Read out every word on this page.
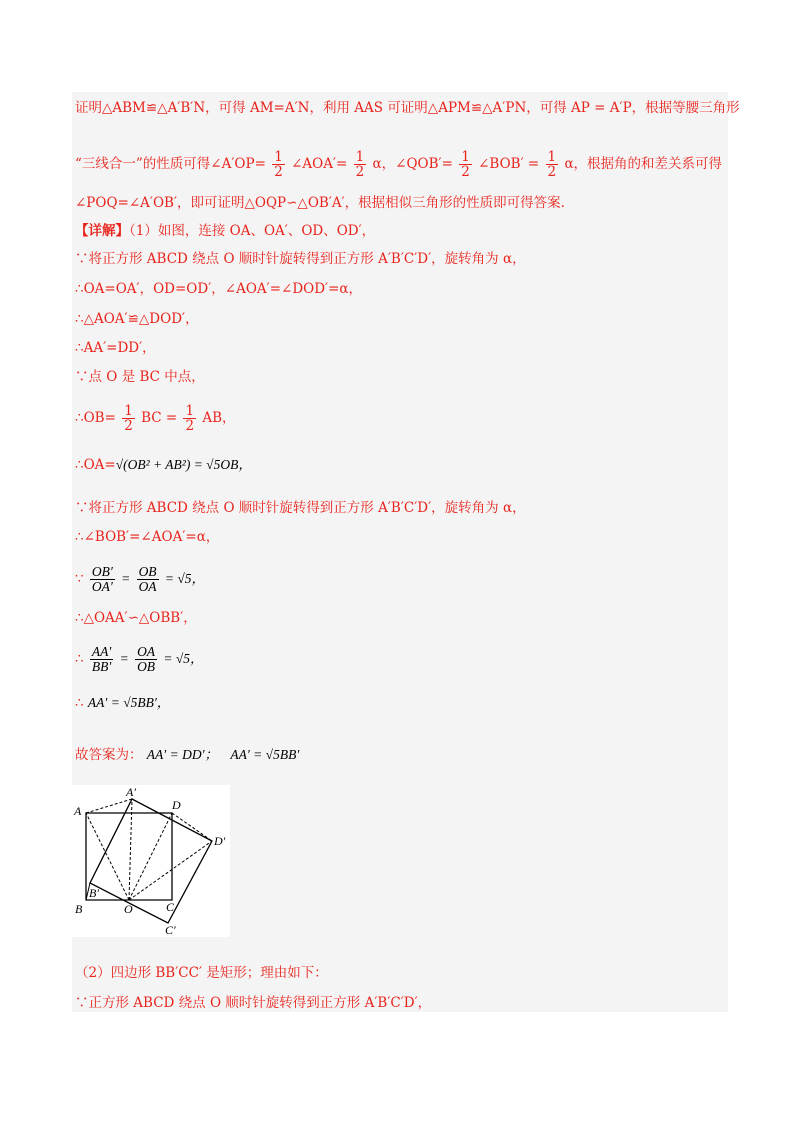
证明△ABM≌△A′B′N，可得 AM=A′N，利用 AAS 可证明△APM≌△A′PN，可得 AP = A′P，根据等腰三角形
“三线合一”的性质可得∠A′OP= $\frac{1}{2}$ ∠AOA′= $\frac{1}{2}$ α，∠QOB′= $\frac{1}{2}$ ∠BOB′ = $\frac{1}{2}$ α，根据角的和差关系可得
∠POQ=∠A′OB′，即可证明△OQP∽△OB′A′，根据相似三角形的性质即可得答案.
【详解】（1）如图，连接 OA、OA′、OD、OD′，
∵将正方形 ABCD 绕点 O 顺时针旋转得到正方形 A′B′C′D′，旋转角为 α，
∴OA=OA′，OD=OD′，∠AOA′=∠DOD′=α，
∴△AOA′≌△DOD′，
∴AA′=DD′，
∵点 O 是 BC 中点，
∴OB= $\frac{1}{2}$ BC = $\frac{1}{2}$ AB，
∴OA=√(OB² + AB²) = √5OB，
∵将正方形 ABCD 绕点 O 顺时针旋转得到正方形 A′B′C′D′，旋转角为 α，
∴∠BOB′=∠AOA′=α，
∵ $\frac{OB'}{OA'} = \frac{OB}{OA} = √5$，
∴△OAA′∽△OBB′，
∴ $\frac{AA'}{BB'} = \frac{OA}{OB} = √5$，
∴ AA′ = √5BB′，
故答案为： AA′ = DD′； AA′ = √5BB′
A
A′
D
D′
B
B′
O	C
C′
（2）四边形 BB′CC′ 是矩形；理由如下：
∵正方形 ABCD 绕点 O 顺时针旋转得到正方形 A′B′C′D′，
